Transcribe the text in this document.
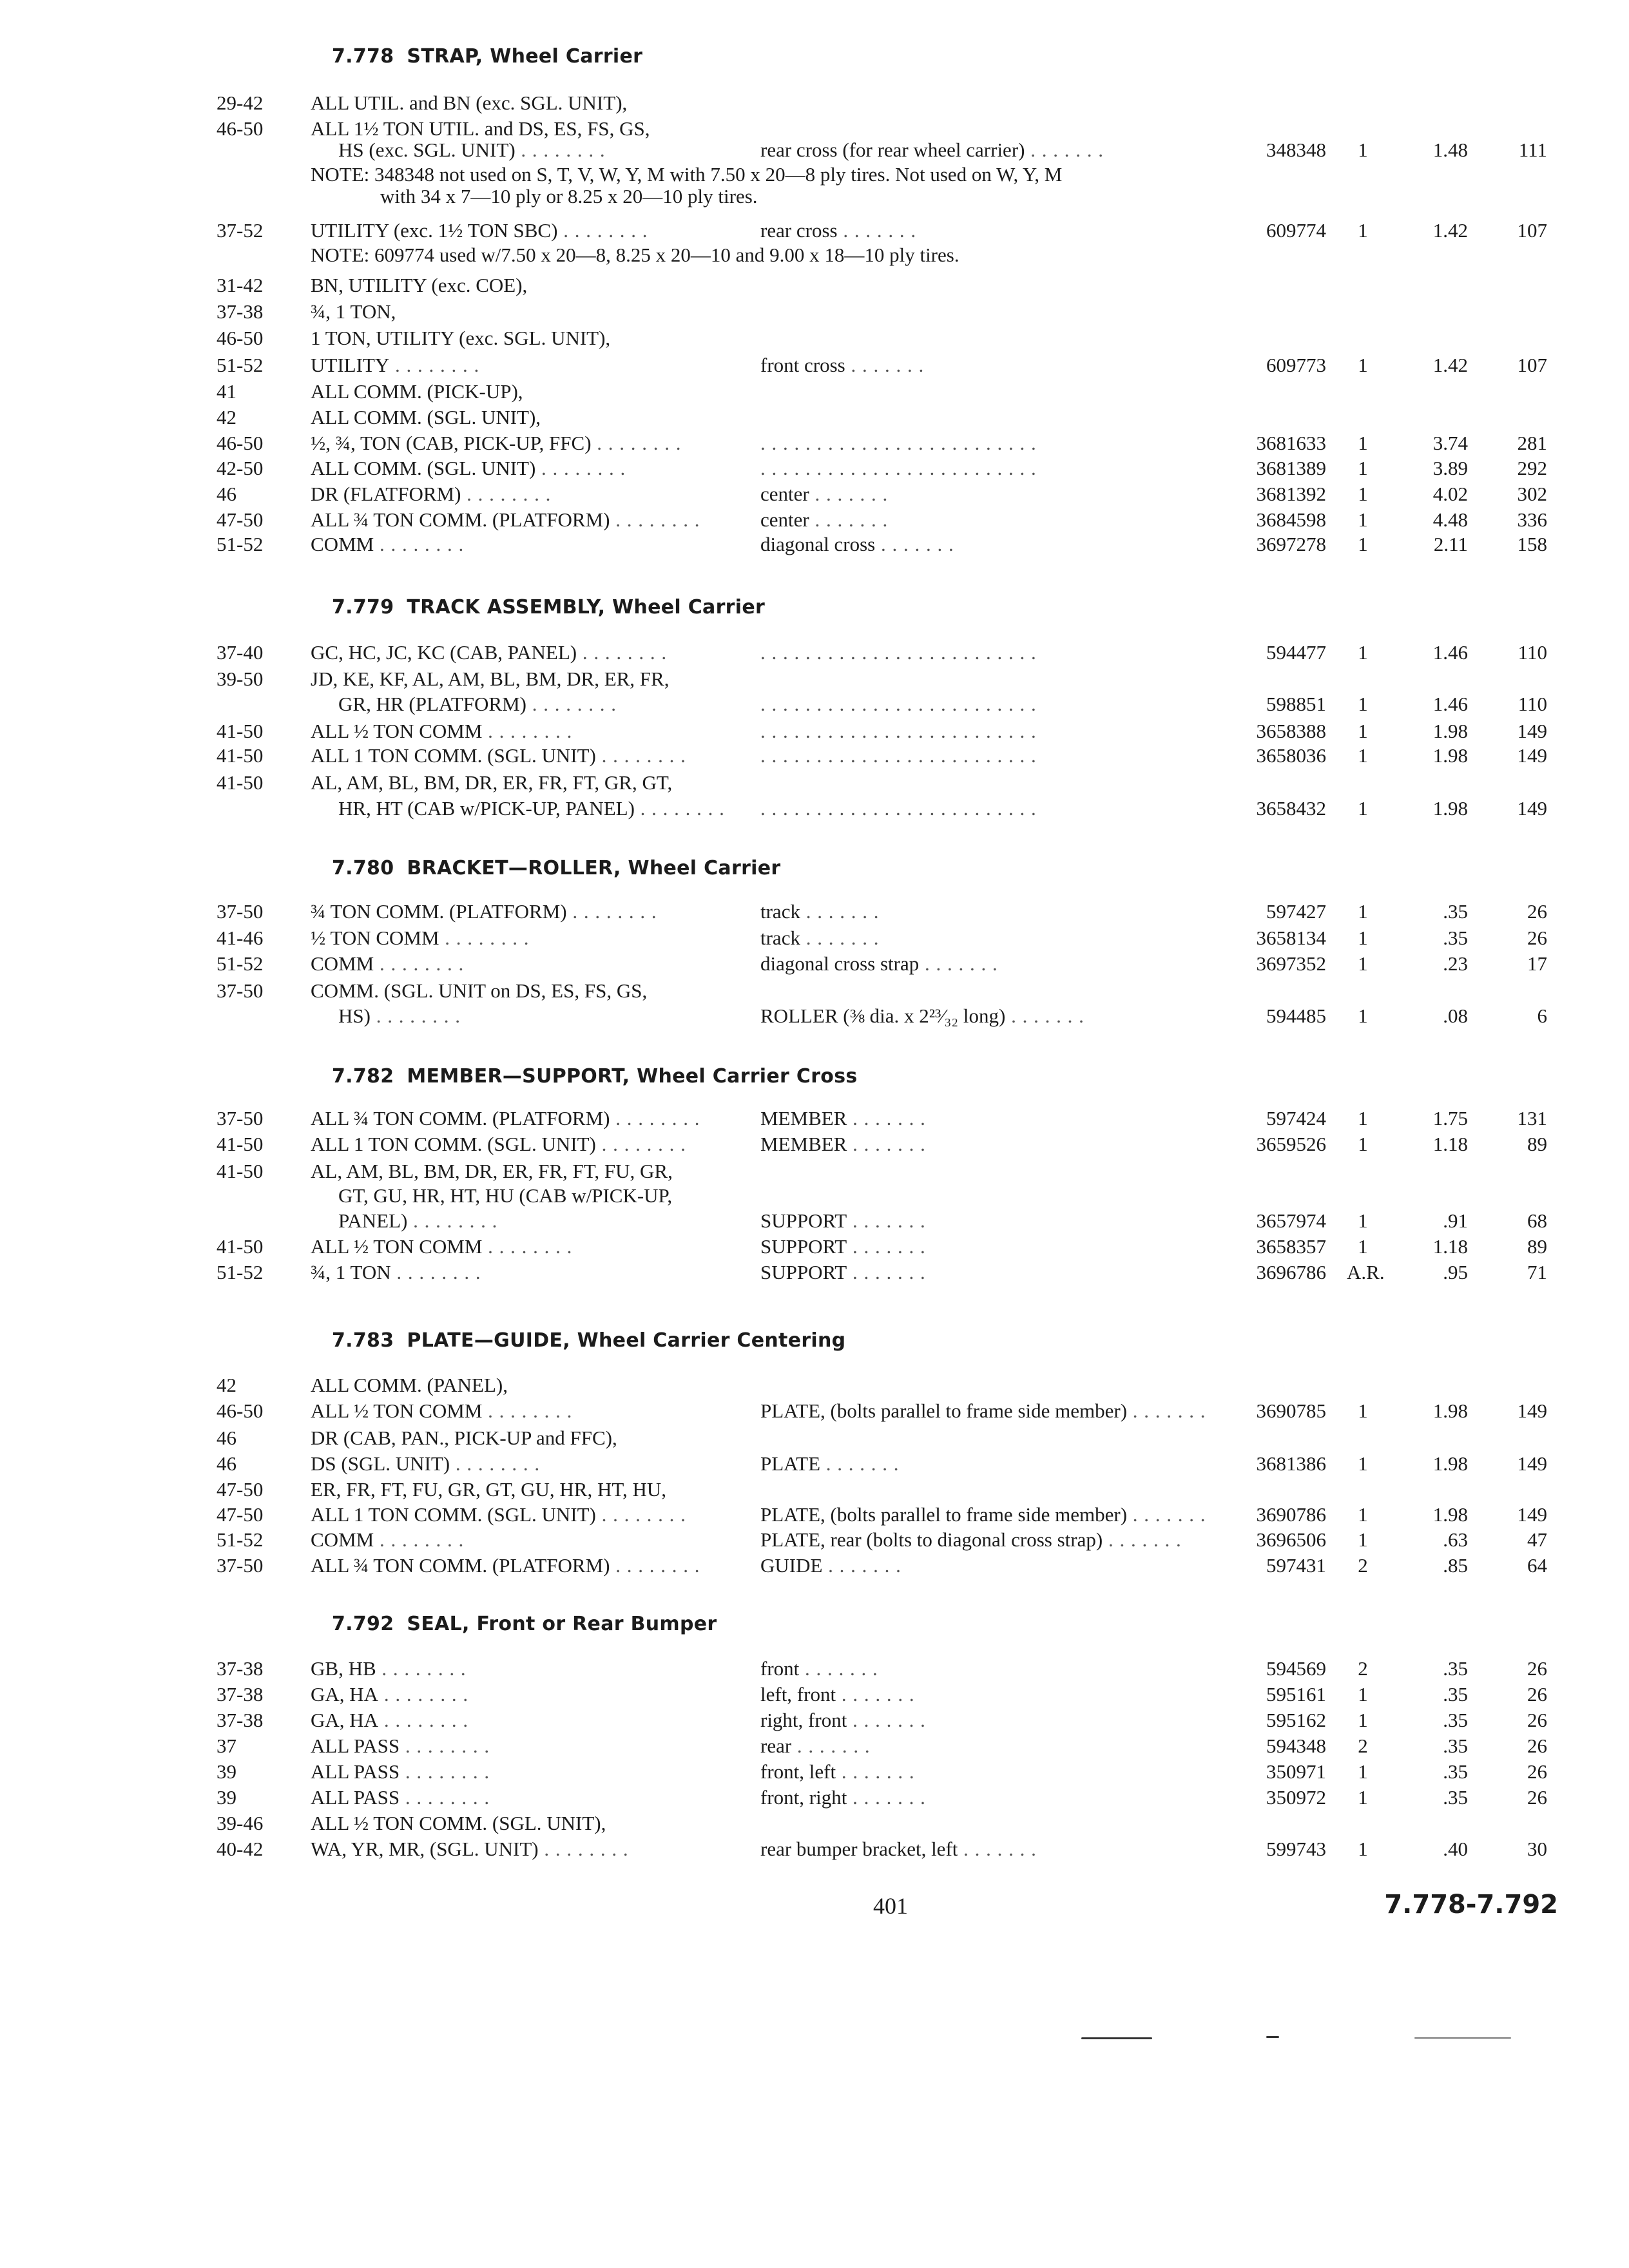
7.778 STRAP, Wheel Carrier
29-42 ALL UTIL. and BN (exc. SGL. UNIT),
46-50 ALL 1½ TON UTIL. and DS, ES, FS, GS,
HS (exc. SGL. UNIT) . . . . . . . .	rear cross (for rear wheel carrier) . . . . . . .	348348	1	1.48	111
NOTE: 348348 not used on S, T, V, W, Y, M with 7.50 x 20—8 ply tires. Not used on W, Y, M
with 34 x 7—10 ply or 8.25 x 20—10 ply tires.
37-52 UTILITY (exc. 1½ TON SBC) . . . . . . . .	rear cross . . . . . . .	609774	1	1.42 107
NOTE: 609774 used w/7.50 x 20—8, 8.25 x 20—10 and 9.00 x 18—10 ply tires.
31-42 BN, UTILITY (exc. COE),
37-38 ¾, 1 TON,
46-50 1 TON, UTILITY (exc. SGL. UNIT),
51-52 UTILITY . . . . . . . .	front cross . . . . . . .	609773	1	1.42 107
41	ALL COMM. (PICK-UP),
42	ALL COMM. (SGL. UNIT),
46-50 ½, ¾, TON (CAB, PICK-UP, FFC) . . . . . . . .	. . . . . . . . . . . . . . . . . . . . . . . . .	3681633	1	3.74 281
42-50 ALL COMM. (SGL. UNIT) . . . . . . . .	. . . . . . . . . . . . . . . . . . . . . . . . .	3681389	1	3.89 292
46	DR (FLATFORM) . . . . . . . .	center . . . . . . .	3681392	1	4.02 302
47-50 ALL ¾ TON COMM. (PLATFORM) . . . . . . . .	center . . . . . . .	3684598	1	4.48 336
51-52 COMM . . . . . . . .	diagonal cross . . . . . . .	3697278	1	2.11 158
7.779 TRACK ASSEMBLY, Wheel Carrier
37-40 GC, HC, JC, KC (CAB, PANEL) . . . . . . . .	. . . . . . . . . . . . . . . . . . . . . . . . .	594477	1	1.46	110
39-50 JD, KE, KF, AL, AM, BL, BM, DR, ER, FR,
GR, HR (PLATFORM) . . . . . . . .	. . . . . . . . . . . . . . . . . . . . . . . . .	598851	1	1.46	110
41-50 ALL ½ TON COMM . . . . . . . .	. . . . . . . . . . . . . . . . . . . . . . . . .	3658388	1	1.98 149
41-50 ALL 1 TON COMM. (SGL. UNIT) . . . . . . . .	. . . . . . . . . . . . . . . . . . . . . . . . .	3658036	1	1.98 149
41-50 AL, AM, BL, BM, DR, ER, FR, FT, GR, GT,
HR, HT (CAB w/PICK-UP, PANEL) . . . . . . . . . . . . . . . . . . . . . . . . . . . . . . . . .	3658432	1	1.98 149
7.780 BRACKET—ROLLER, Wheel Carrier
37-50 ¾ TON COMM. (PLATFORM) . . . . . . . .	track . . . . . . .	597427	1	.35	26
41-46 ½ TON COMM . . . . . . . .	track . . . . . . .	3658134	1	.35	26
51-52 COMM . . . . . . . .	diagonal cross strap . . . . . . .	3697352	1	.23	17
37-50 COMM. (SGL. UNIT on DS, ES, FS, GS,
HS) . . . . . . . .	ROLLER (⅜ dia. x 2²³⁄₃₂ long) . . . . . . .	594485	1	.08	6
7.782 MEMBER—SUPPORT, Wheel Carrier Cross
37-50 ALL ¾ TON COMM. (PLATFORM) . . . . . . . .	MEMBER . . . . . . .	597424	1	1.75 131
41-50 ALL 1 TON COMM. (SGL. UNIT) . . . . . . . .	MEMBER . . . . . . .	3659526	1	1.18	89
41-50 AL, AM, BL, BM, DR, ER, FR, FT, FU, GR,
GT, GU, HR, HT, HU (CAB w/PICK-UP,
PANEL) . . . . . . . .	SUPPORT . . . . . . .	3657974	1	.91	68
41-50 ALL ½ TON COMM . . . . . . . .	SUPPORT . . . . . . .	3658357	1	1.18	89
51-52 ¾, 1 TON . . . . . . . .	SUPPORT . . . . . . .	3696786 A.R.	.95	71
7.783 PLATE—GUIDE, Wheel Carrier Centering
42	ALL COMM. (PANEL),
46-50 ALL ½ TON COMM . . . . . . . .	PLATE, (bolts parallel to frame side member) . . . . . . .	3690785	1	1.98 149
46	DR (CAB, PAN., PICK-UP and FFC),
46	DS (SGL. UNIT) . . . . . . . .	PLATE . . . . . . .	3681386	1	1.98 149
47-50 ER, FR, FT, FU, GR, GT, GU, HR, HT, HU,
47-50 ALL 1 TON COMM. (SGL. UNIT) . . . . . . . .	PLATE, (bolts parallel to frame side member) . . . . . . .	3690786	1	1.98 149
51-52 COMM . . . . . . . .	PLATE, rear (bolts to diagonal cross strap) . . . . . . .	3696506	1	.63	47
37-50 ALL ¾ TON COMM. (PLATFORM) . . . . . . . .	GUIDE . . . . . . .	597431	2	.85	64
7.792 SEAL, Front or Rear Bumper
37-38 GB, HB . . . . . . . .	front . . . . . . .	594569	2	.35	26
37-38 GA, HA . . . . . . . .	left, front . . . . . . .	595161	1	.35	26
37-38 GA, HA . . . . . . . .	right, front . . . . . . .	595162	1	.35	26
37	ALL PASS . . . . . . . .	rear . . . . . . .	594348	2	.35	26
39	ALL PASS . . . . . . . .	front, left . . . . . . .	350971	1	.35	26
39	ALL PASS . . . . . . . .	front, right . . . . . . .	350972	1	.35	26
39-46 ALL ½ TON COMM. (SGL. UNIT),
40-42 WA, YR, MR, (SGL. UNIT) . . . . . . . .	rear bumper bracket, left . . . . . . .	599743	1	.40	30
401	7.778-7.792
